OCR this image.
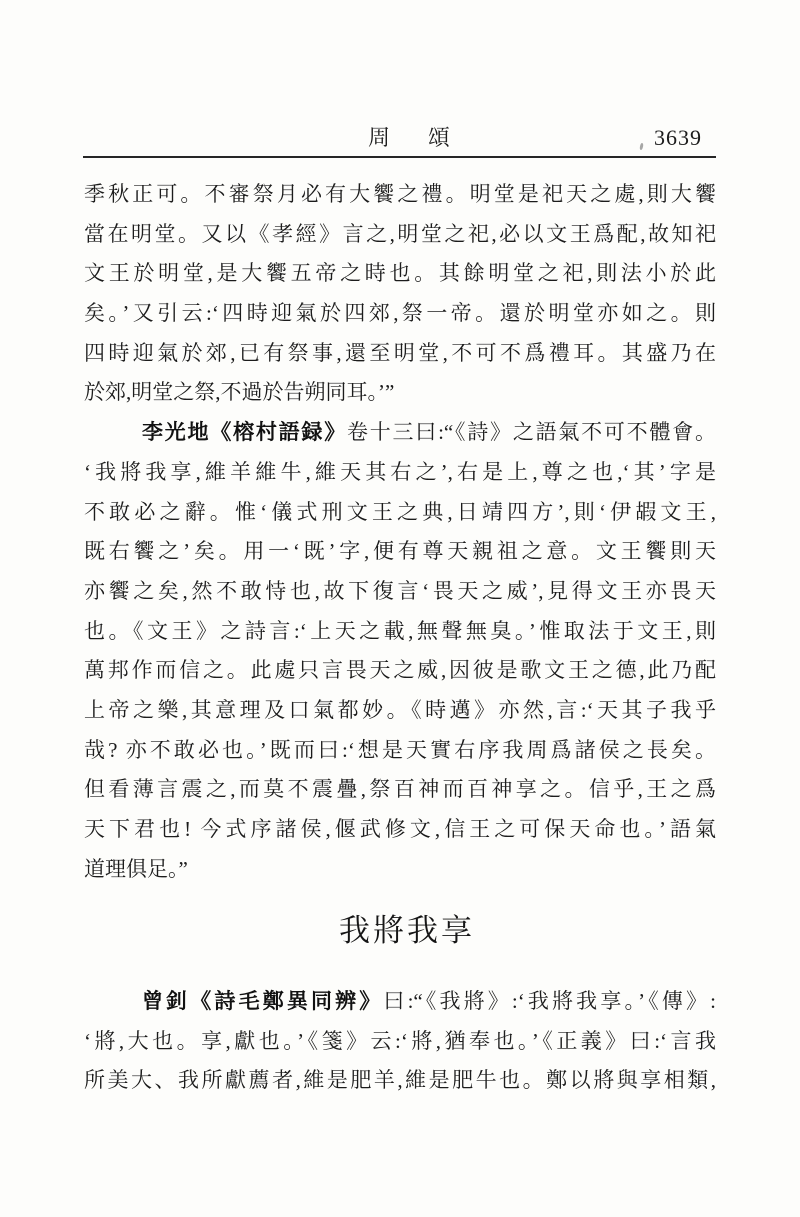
周 頌	3639
季秋正可。不審祭月必有大饗之禮。明堂是祀天之處,則大饗
當在明堂。又以《孝經》言之,明堂之祀,必以文王爲配,故知祀
文王於明堂,是大饗五帝之時也。其餘明堂之祀,則法小於此
矣。’又引云:‘四時迎氣於四郊,祭一帝。還於明堂亦如之。則
四時迎氣於郊,已有祭事,還至明堂,不可不爲禮耳。其盛乃在
於郊,明堂之祭,不過於告朔同耳。’”
李光地《榕村語録》卷十三曰:“《詩》之語氣不可不體會。
‘我將我享,維羊維牛,維天其右之’,右是上,尊之也,‘其’字是
不敢必之辭。惟‘儀式刑文王之典,日靖四方’,則‘伊嘏文王,
既右饗之’矣。用一‘既’字,便有尊天親祖之意。文王饗則天
亦饗之矣,然不敢恃也,故下復言‘畏天之威’,見得文王亦畏天
也。《文王》之詩言:‘上天之載,無聲無臭。’惟取法于文王,則
萬邦作而信之。此處只言畏天之威,因彼是歌文王之德,此乃配
上帝之樂,其意理及口氣都妙。《時邁》亦然,言:‘天其子我乎
哉? 亦不敢必也。’既而曰:‘想是天實右序我周爲諸侯之長矣。
但看薄言震之,而莫不震疊,祭百神而百神享之。信乎,王之爲
天下君也! 今式序諸侯,偃武修文,信王之可保天命也。’語氣
道理俱足。”
我將我享
曾釗《詩毛鄭異同辨》曰:“《我將》:‘我將我享。’《傳》:
‘將,大也。享,獻也。’《箋》云:‘將,猶奉也。’《正義》曰:‘言我
所美大、我所獻薦者,維是肥羊,維是肥牛也。鄭以將與享相類,
